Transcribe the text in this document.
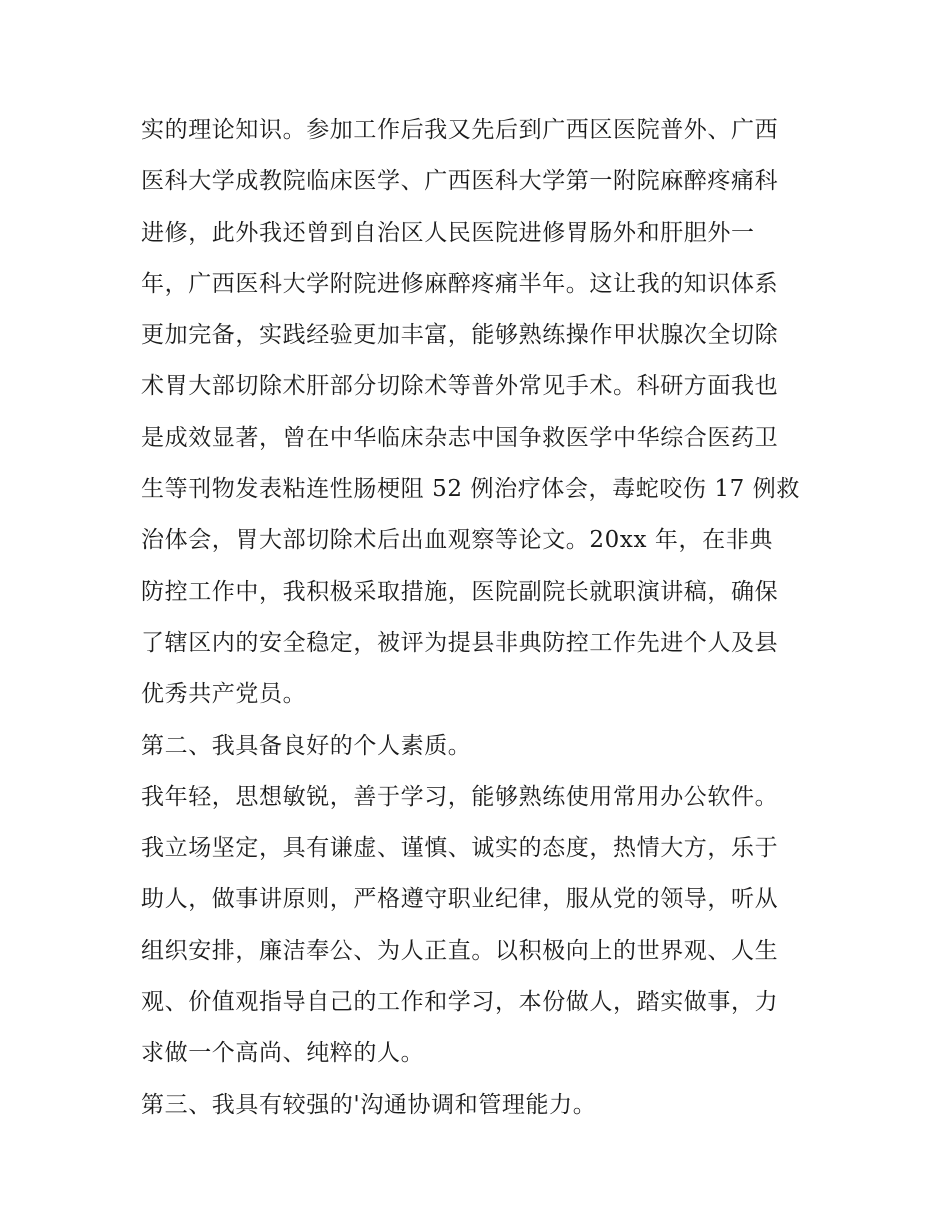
实的理论知识。参加工作后我又先后到广西区医院普外、广西
医科大学成教院临床医学、广西医科大学第一附院麻醉疼痛科
进修，此外我还曾到自治区人民医院进修胃肠外和肝胆外一
年，广西医科大学附院进修麻醉疼痛半年。这让我的知识体系
更加完备，实践经验更加丰富，能够熟练操作甲状腺次全切除
术胃大部切除术肝部分切除术等普外常见手术。科研方面我也
是成效显著，曾在中华临床杂志中国争救医学中华综合医药卫
生等刊物发表粘连性肠梗阻 52 例治疗体会，毒蛇咬伤 17 例救
治体会，胃大部切除术后出血观察等论文。20xx 年，在非典
防控工作中，我积极采取措施，医院副院长就职演讲稿，确保
了辖区内的安全稳定，被评为提县非典防控工作先进个人及县
优秀共产党员。
第二、我具备良好的个人素质。
我年轻，思想敏锐，善于学习，能够熟练使用常用办公软件。
我立场坚定，具有谦虚、谨慎、诚实的态度，热情大方，乐于
助人，做事讲原则，严格遵守职业纪律，服从党的领导，听从
组织安排，廉洁奉公、为人正直。以积极向上的世界观、人生
观、价值观指导自己的工作和学习，本份做人，踏实做事，力
求做一个高尚、纯粹的人。
第三、我具有较强的'沟通协调和管理能力。
